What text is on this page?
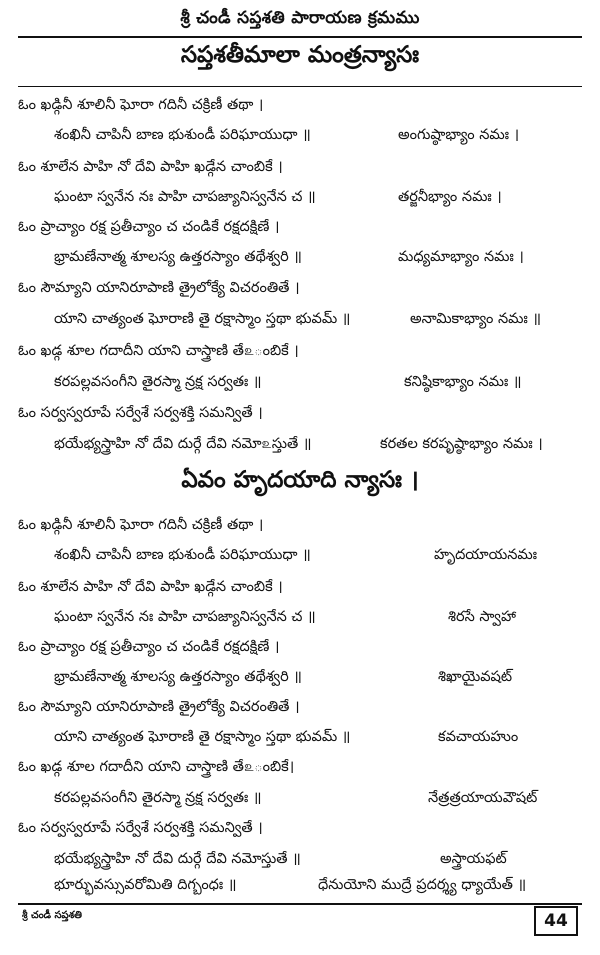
శ్రీ చండీ సప్తశతి పారాయణ క్రమము
సప్తశతీమాలా మంత్రన్యాసః
ఓం ఖడ్గినీ శూలినీ ఘోరా గదినీ చక్రిణీ తథా ।
శంఖినీ చాపినీ బాణ భుశుండీ పరిఘాయుధా ॥	అంగుష్ఠాభ్యాం నమః ।
ఓం శూలేన పాహి నో దేవి పాహి ఖడ్గేన చాంబికే ।
ఘంటా స్వనేన నః పాహి చాపజ్యానిస్వనేన చ ॥	తర్జనీభ్యాం నమః ।
ఓం ప్రాచ్యాం రక్ష ప్రతీచ్యాం చ చండికే రక్షదక్షిణే ।
భ్రామణేనాత్మ శూలస్య ఉత్తరస్యాం తథేశ్వరి ॥	మధ్యమాభ్యాం నమః ।
ఓం సౌమ్యాని యానిరూపాణి త్రైలోక్యే విచరంతితే ।
యాని చాత్యంత ఘోరాణి తై రక్షాస్మాం స్తథా భువమ్ ॥	అనామికాభ్యాం నమః ॥
ఓం ఖడ్గ శూల గదాదీని యాని చాస్త్రాణి తే௨ంబికే ।
కరపల్లవసంగీని తైరస్మా న్రక్ష సర్వతః ॥	కనిష్ఠికాభ్యాం నమః ॥
ఓం సర్వస్వరూపే సర్వేశే సర్వశక్తి సమన్వితే ।
భయేభ్యస్త్రాహి నో దేవి దుర్గే దేవి నమో௨స్తుతే ॥	కరతల కరపృష్ఠాభ్యాం నమః ।
ఏవం హృదయాది న్యాసః ।
ఓం ఖడ్గినీ శూలినీ ఘోరా గదినీ చక్రిణీ తథా ।
శంఖినీ చాపినీ బాణ భుశుండీ పరిఘాయుధా ॥	హృదయాయనమః
ఓం శూలేన పాహి నో దేవి పాహి ఖడ్గేన చాంబికే ।
ఘంటా స్వనేన నః పాహి చాపజ్యానిస్వనేన చ ॥	శిరసే స్వాహా
ఓం ప్రాచ్యాం రక్ష ప్రతీచ్యాం చ చండికే రక్షదక్షిణే ।
భ్రామణేనాత్మ శూలస్య ఉత్తరస్యాం తథేశ్వరి ॥	శిఖాయైవషట్
ఓం సౌమ్యాని యానిరూపాణి త్రైలోక్యే విచరంతితే ।
యాని చాత్యంత ఘోరాణి తై రక్షాస్మాం స్తథా భువమ్ ॥	కవచాయహుం
ఓం ఖడ్గ శూల గదాదీని యాని చాస్త్రాణి తే௨ంబికే।
కరపల్లవసంగీని తైరస్మా న్రక్ష సర్వతః ॥	నేత్రత్రయాయవౌషట్
ఓం సర్వస్వరూపే సర్వేశే సర్వశక్తి సమన్వితే ।
భయేభ్యస్త్రాహి నో దేవి దుర్గే దేవి నమోస్తుతే ॥	అస్త్రాయఫట్
భూర్భువస్సువరోమితి దిగ్బంధః ॥	ధేనుయోని ముద్రే ప్రదర్శ్య ధ్యాయేత్ ॥
శ్రీ చండీ సప్తశతి	44
